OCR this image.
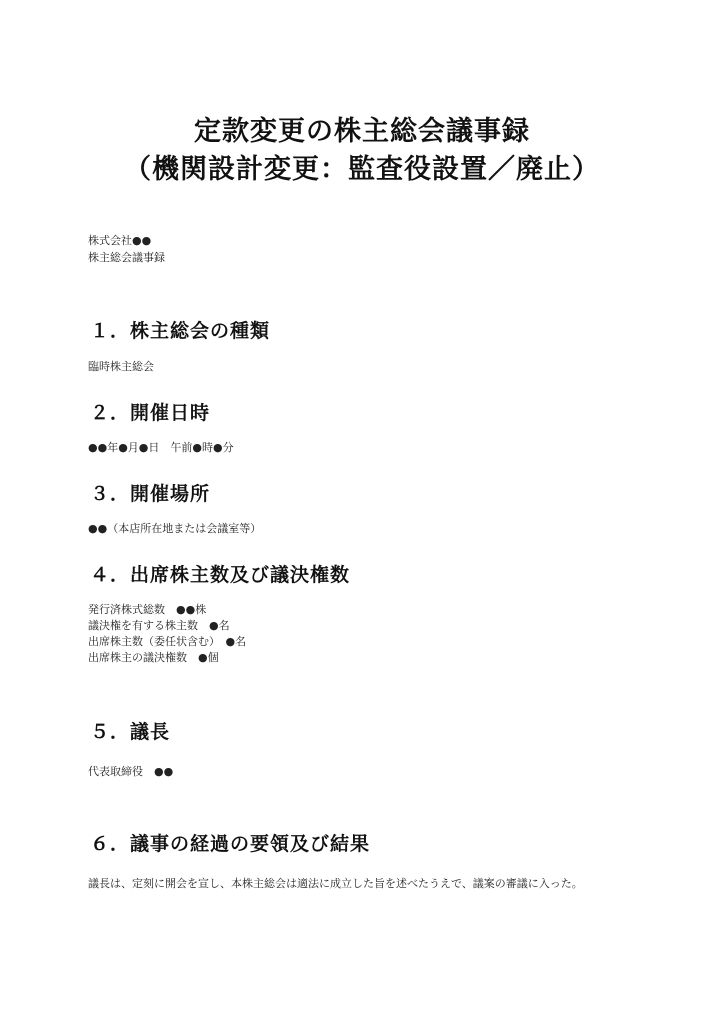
定款変更の株主総会議事録
（機関設計変更：監査役設置／廃止）
株式会社●●
株主総会議事録
１．株主総会の種類
臨時株主総会
２．開催日時
●●年●月●日　午前●時●分
３．開催場所
●●（本店所在地または会議室等）
４．出席株主数及び議決権数
発行済株式総数　●●株
議決権を有する株主数　●名
出席株主数（委任状含む）　●名
出席株主の議決権数　●個
５．議長
代表取締役　●●
６．議事の経過の要領及び結果
議長は、定刻に開会を宣し、本株主総会は適法に成立した旨を述べたうえで、議案の審議に入った。
